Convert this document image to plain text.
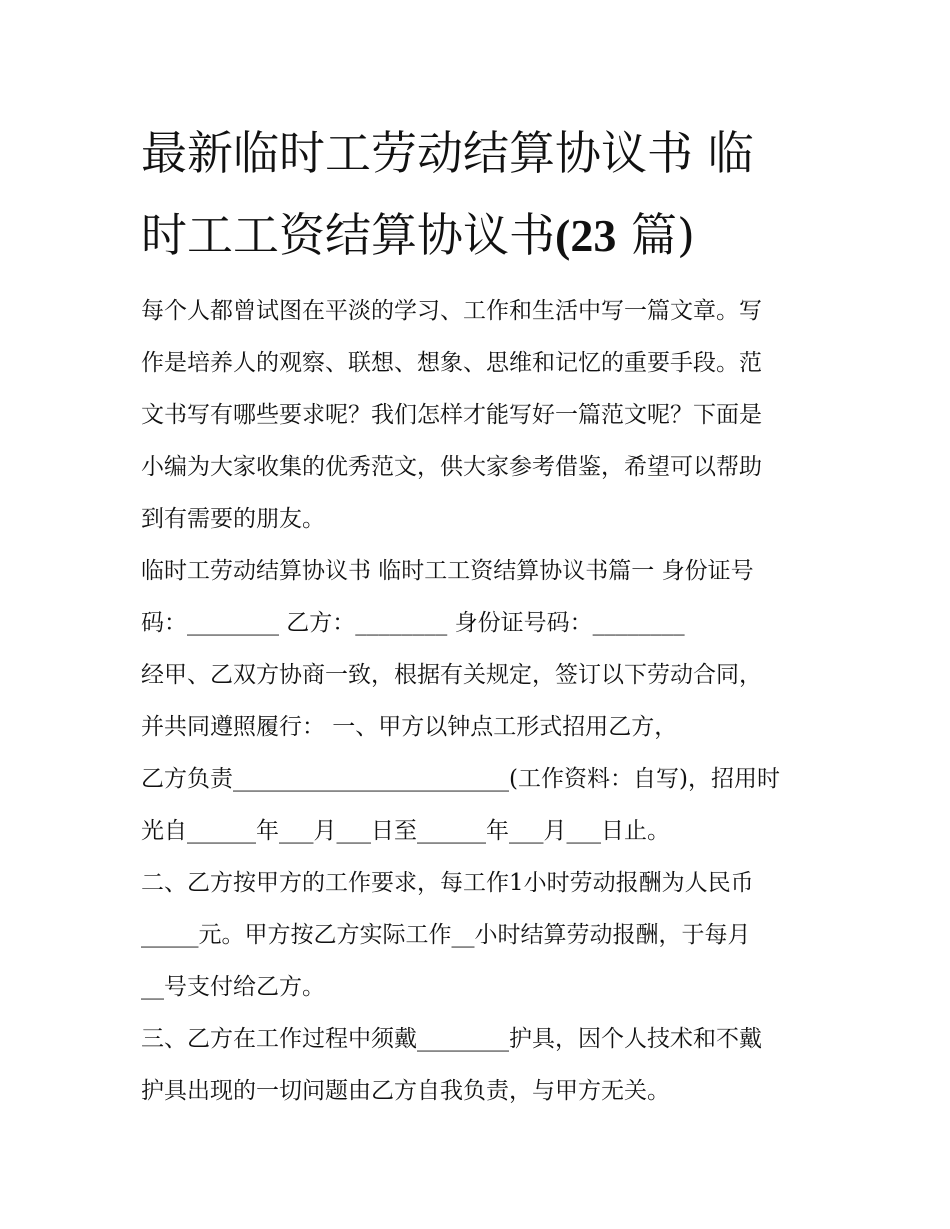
最新临时工劳动结算协议书 临
时工工资结算协议书(23 篇)
每个人都曾试图在平淡的学习、工作和生活中写一篇文章。写
作是培养人的观察、联想、想象、思维和记忆的重要手段。范
文书写有哪些要求呢？我们怎样才能写好一篇范文呢？下面是
小编为大家收集的优秀范文，供大家参考借鉴，希望可以帮助
到有需要的朋友。
临时工劳动结算协议书 临时工工资结算协议书篇一 身份证号
码：________ 乙方：________ 身份证号码：________
经甲、乙双方协商一致，根据有关规定，签订以下劳动合同，
并共同遵照履行： 一、甲方以钟点工形式招用乙方，
乙方负责________________________(工作资料：自写)，招用时
光自______年___月___日至______年___月___日止。
二、乙方按甲方的工作要求，每工作1小时劳动报酬为人民币
_____元。甲方按乙方实际工作__小时结算劳动报酬，于每月
__号支付给乙方。
三、乙方在工作过程中须戴________护具，因个人技术和不戴
护具出现的一切问题由乙方自我负责，与甲方无关。
